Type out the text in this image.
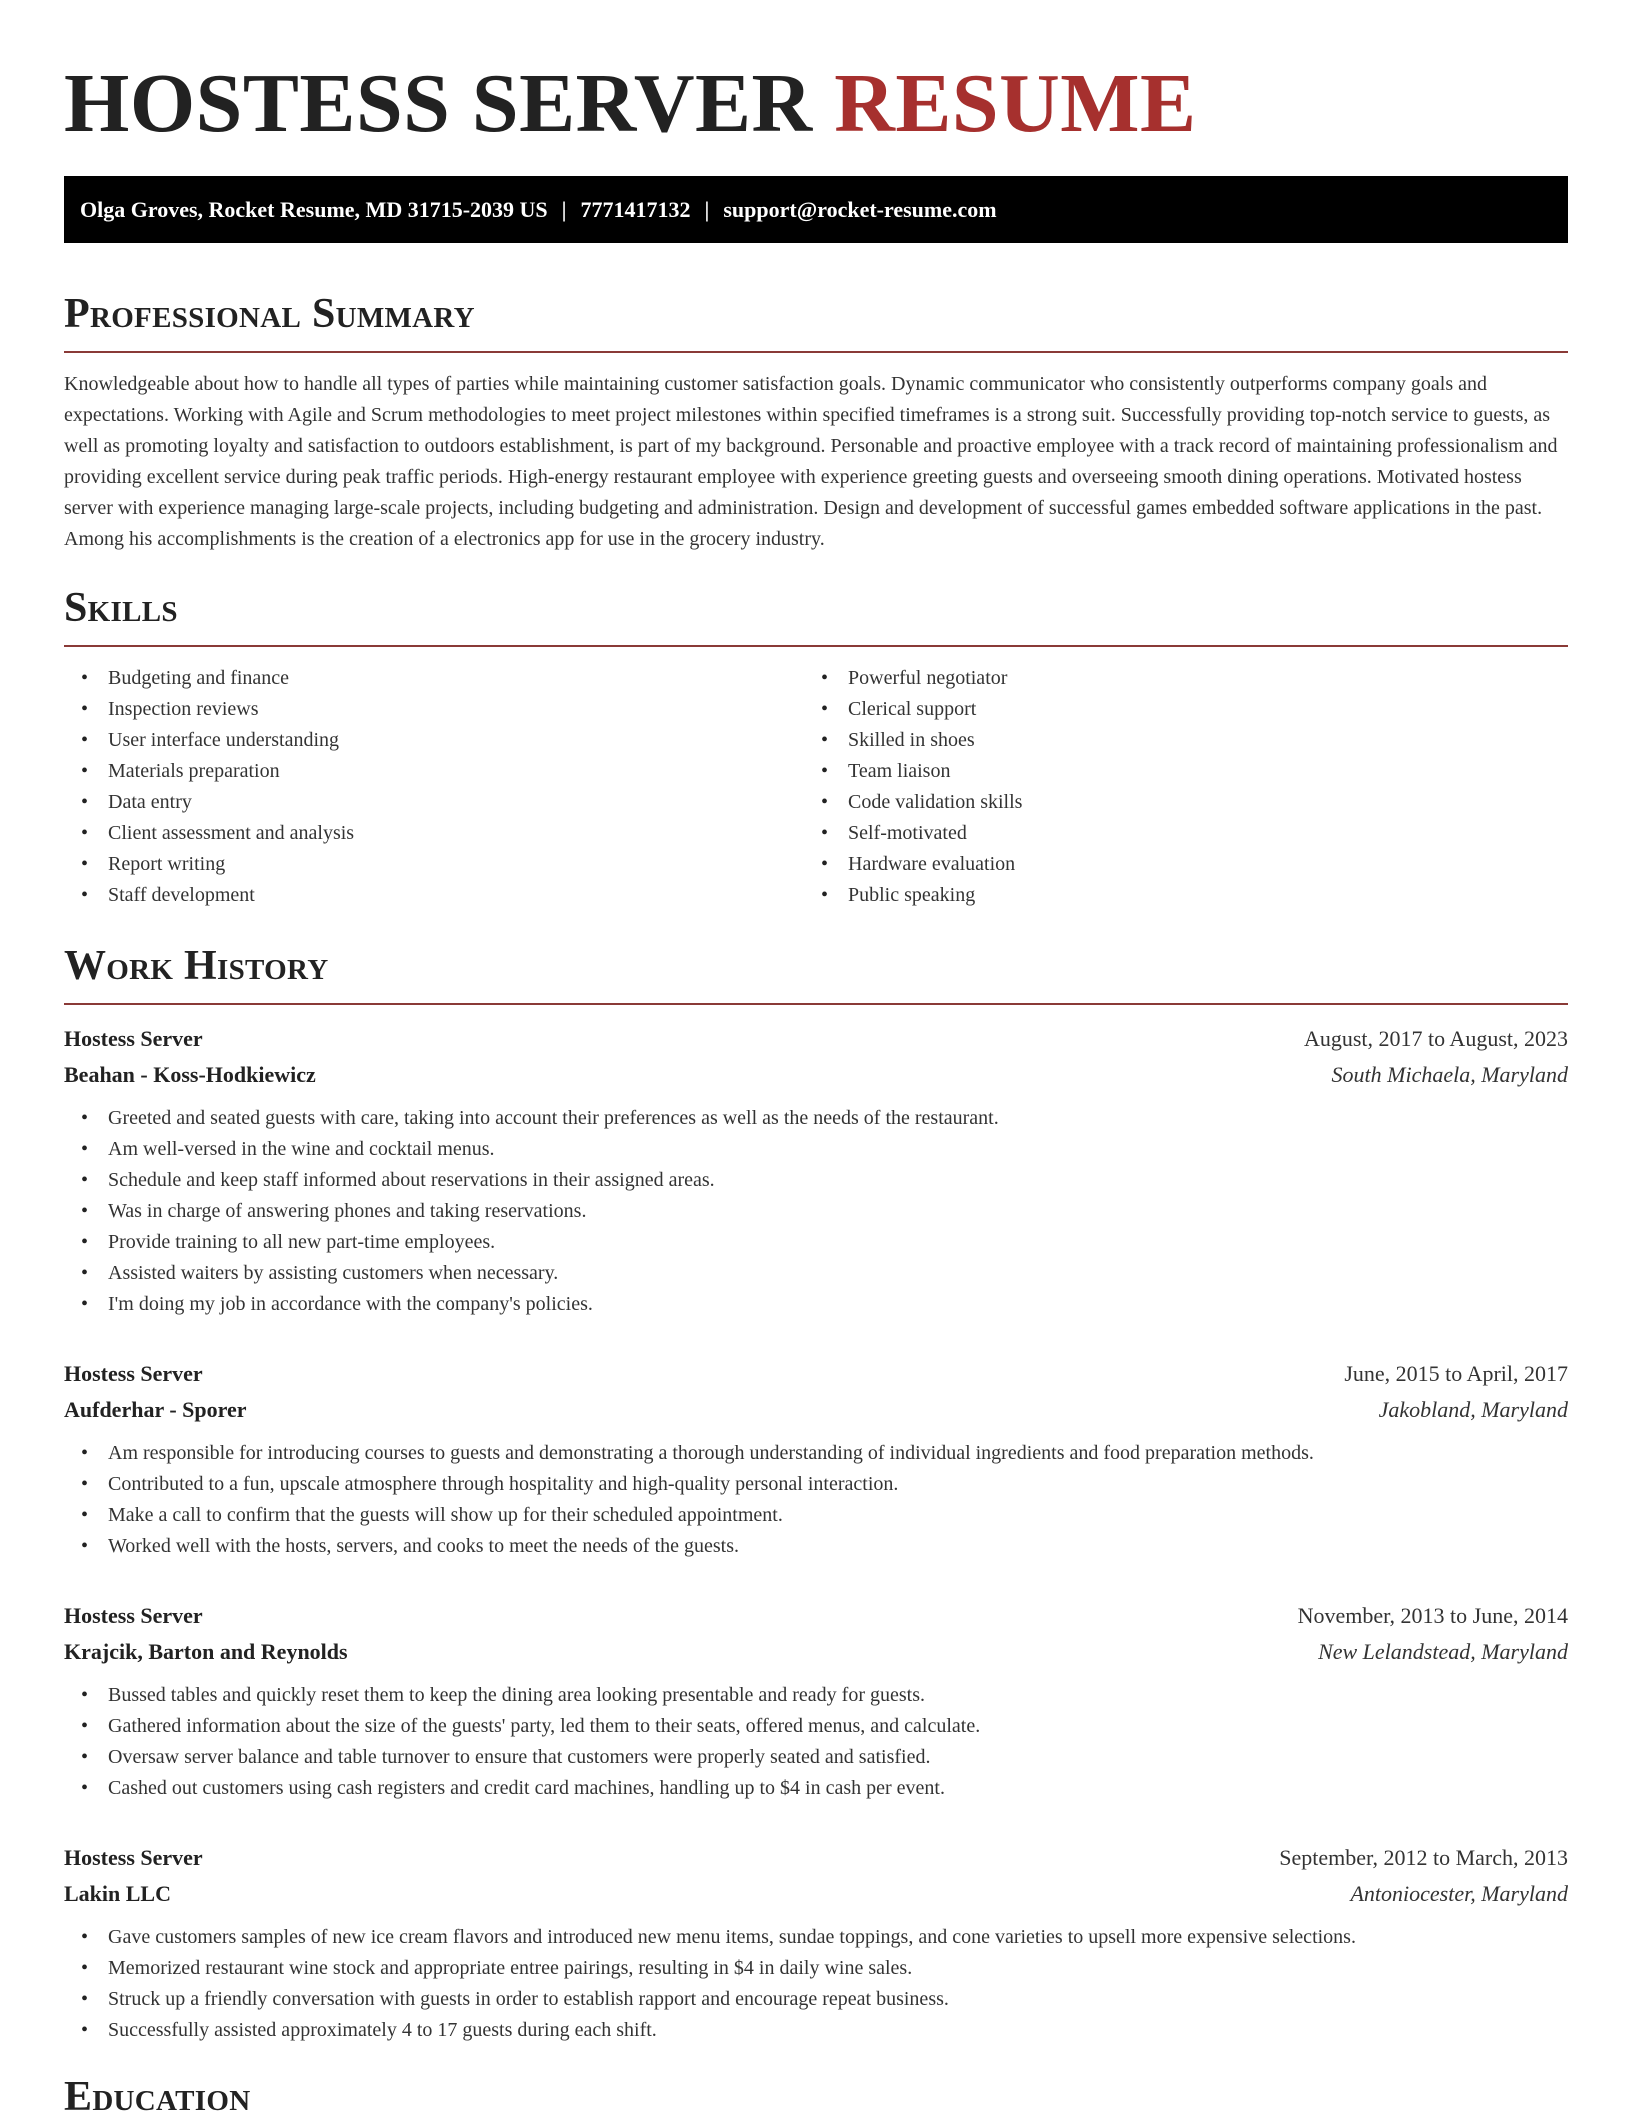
HOSTESS SERVER RESUME
Olga Groves, Rocket Resume, MD 31715-2039 US | 7771417132 | support@rocket-resume.com
Professional Summary

Knowledgeable about how to handle all types of parties while maintaining customer satisfaction goals. Dynamic communicator who consistently outperforms company goals and expectations. Working with Agile and Scrum methodologies to meet project milestones within specified timeframes is a strong suit. Successfully providing top-notch service to guests, as well as promoting loyalty and satisfaction to outdoors establishment, is part of my background. Personable and proactive employee with a track record of maintaining professionalism and providing excellent service during peak traffic periods. High-energy restaurant employee with experience greeting guests and overseeing smooth dining operations. Motivated hostess server with experience managing large-scale projects, including budgeting and administration. Design and development of successful games embedded software applications in the past. Among his accomplishments is the creation of a electronics app for use in the grocery industry.

Skills
• Budgeting and finance
• Inspection reviews
• User interface understanding
• Materials preparation
• Data entry
• Client assessment and analysis
• Report writing
• Staff development
• Powerful negotiator
• Clerical support
• Skilled in shoes
• Team liaison
• Code validation skills
• Self-motivated
• Hardware evaluation
• Public speaking
Work History
Hostess Server	August, 2017 to August, 2023
Beahan - Koss-Hodkiewicz	South Michaela, Maryland
• Greeted and seated guests with care, taking into account their preferences as well as the needs of the restaurant.
• Am well-versed in the wine and cocktail menus.
• Schedule and keep staff informed about reservations in their assigned areas.
• Was in charge of answering phones and taking reservations.
• Provide training to all new part-time employees.
• Assisted waiters by assisting customers when necessary.
• I'm doing my job in accordance with the company's policies.
Hostess Server	June, 2015 to April, 2017
Aufderhar - Sporer	Jakobland, Maryland
• Am responsible for introducing courses to guests and demonstrating a thorough understanding of individual ingredients and food preparation methods.
• Contributed to a fun, upscale atmosphere through hospitality and high-quality personal interaction.
• Make a call to confirm that the guests will show up for their scheduled appointment.
• Worked well with the hosts, servers, and cooks to meet the needs of the guests.
Hostess Server	November, 2013 to June, 2014
Krajcik, Barton and Reynolds	New Lelandstead, Maryland
• Bussed tables and quickly reset them to keep the dining area looking presentable and ready for guests.
• Gathered information about the size of the guests' party, led them to their seats, offered menus, and calculate.
• Oversaw server balance and table turnover to ensure that customers were properly seated and satisfied.
• Cashed out customers using cash registers and credit card machines, handling up to $4 in cash per event.
Hostess Server	September, 2012 to March, 2013
Lakin LLC	Antoniocester, Maryland
• Gave customers samples of new ice cream flavors and introduced new menu items, sundae toppings, and cone varieties to upsell more expensive selections.
• Memorized restaurant wine stock and appropriate entree pairings, resulting in $4 in daily wine sales.
• Struck up a friendly conversation with guests in order to establish rapport and encourage repeat business.
• Successfully assisted approximately 4 to 17 guests during each shift.
Education
